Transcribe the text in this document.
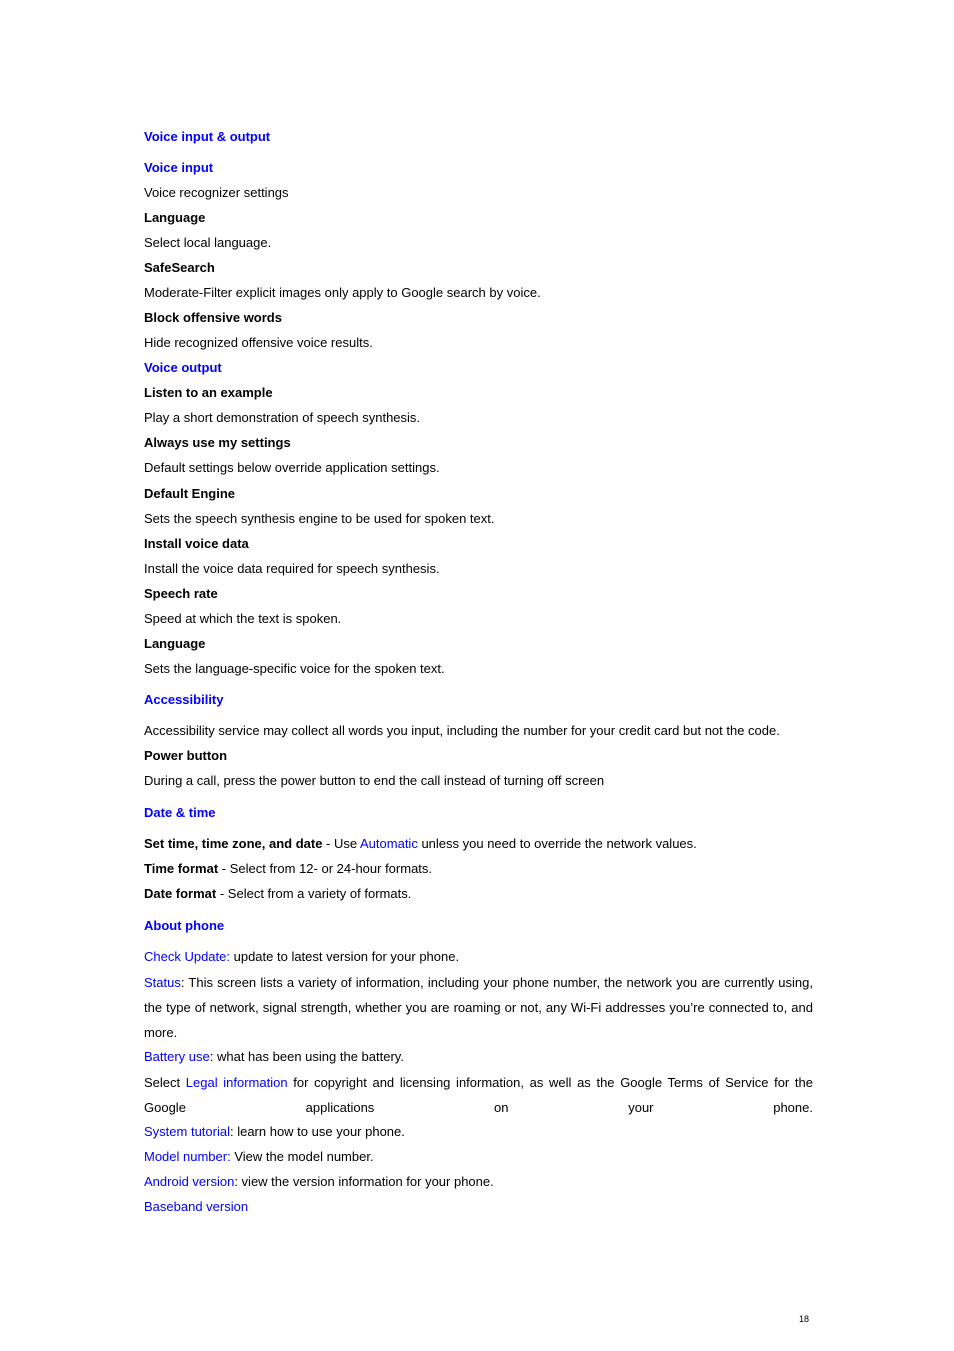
Voice input & output

Voice input

Voice recognizer settings

Language

Select local language.

SafeSearch

Moderate-Filter explicit images only apply to Google search by voice.

Block offensive words

Hide recognized offensive voice results.

Voice output

Listen to an example

Play a short demonstration of speech synthesis.

Always use my settings

Default settings below override application settings.

Default Engine

Sets the speech synthesis engine to be used for spoken text.

Install voice data

Install the voice data required for speech synthesis.

Speech rate

Speed at which the text is spoken.

Language

Sets the language-specific voice for the spoken text.

Accessibility

Accessibility service may collect all words you input, including the number for your credit card but not the code.

Power button

During a call, press the power button to end the call instead of turning off screen

Date & time

Set time, time zone, and date - Use Automatic unless you need to override the network values.

Time format - Select from 12- or 24-hour formats.

Date format - Select from a variety of formats.

About phone

Check Update: update to latest version for your phone.

Status: This screen lists a variety of information, including your phone number, the network you are currently using, the type of network, signal strength, whether you are roaming or not, any Wi-Fi addresses you’re connected to, and more.

Battery use: what has been using the battery.

Select Legal information for copyright and licensing information, as well as the Google Terms of Service for the Google applications on your phone.

System tutorial: learn how to use your phone.

Model number: View the model number.

Android version: view the version information for your phone.

Baseband version

18
